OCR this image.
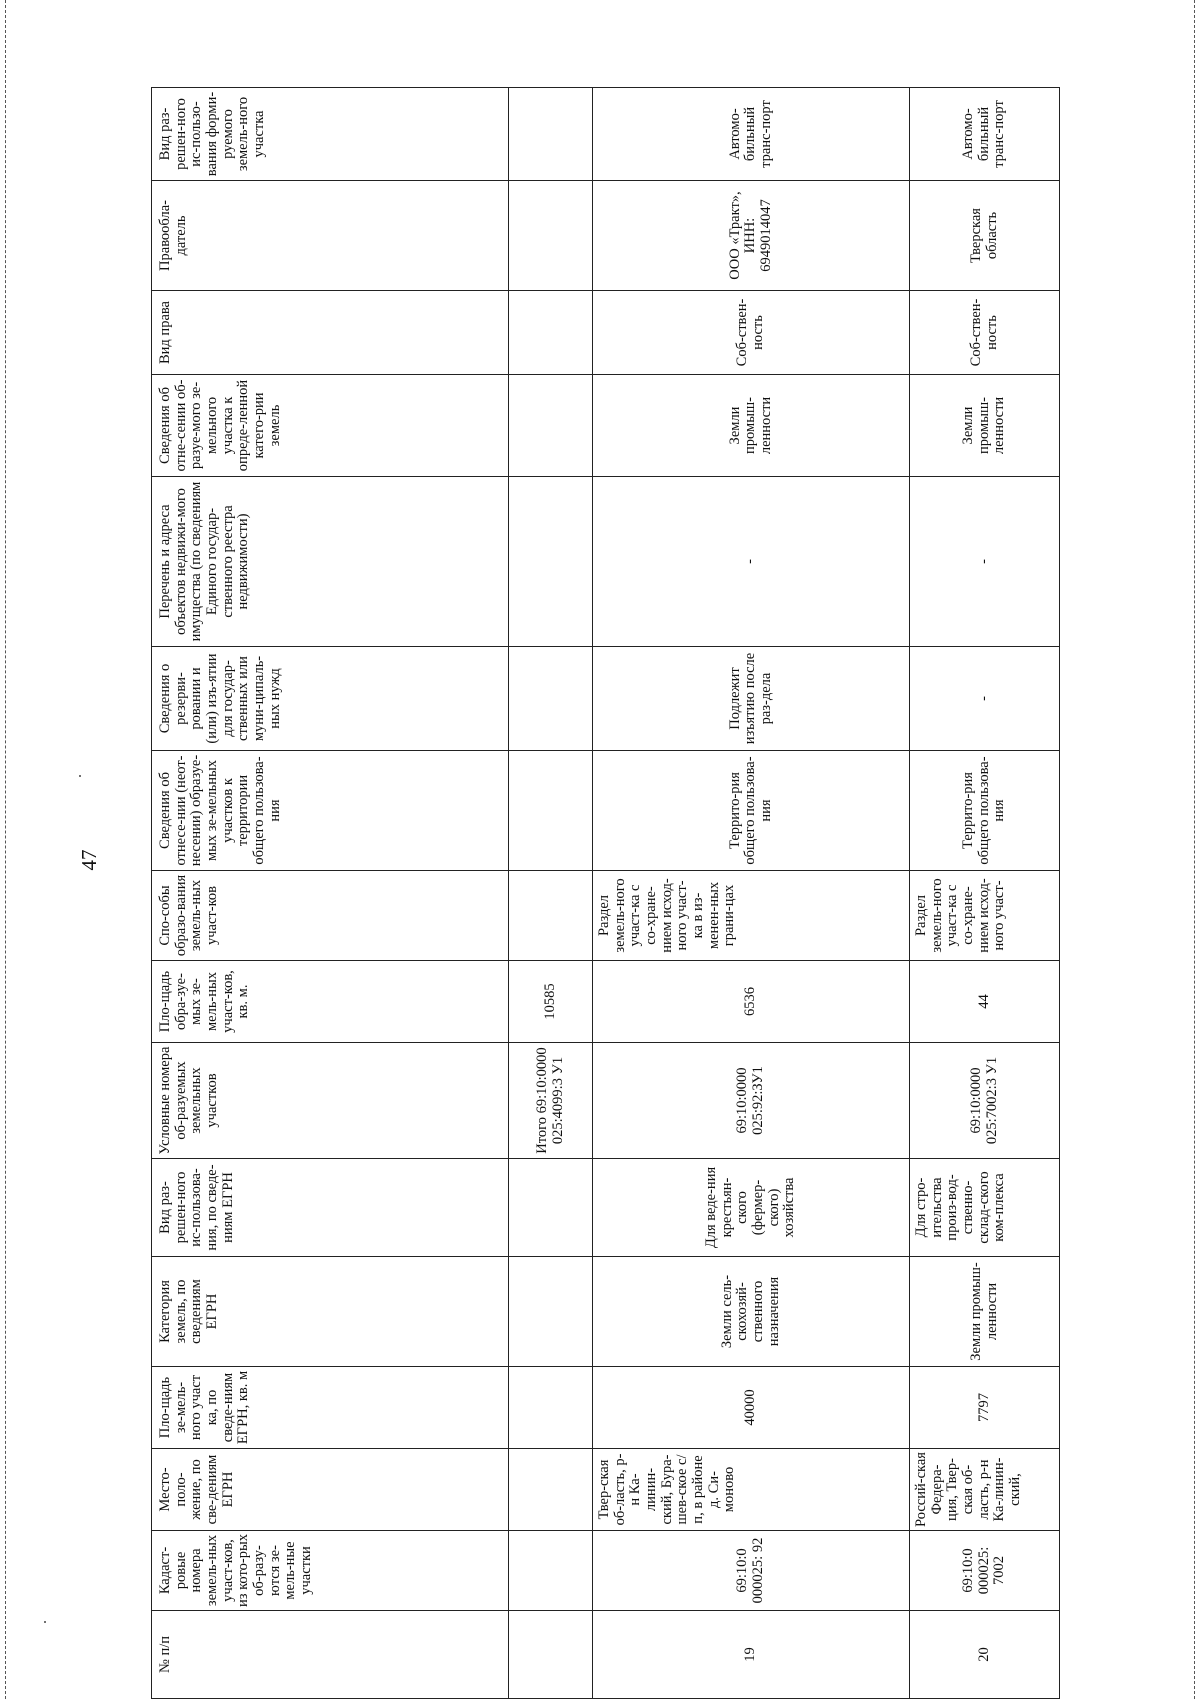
47
№ п/п	Кадаст-ровые номера земель-ных участ-ков, из кото-рых об-разу-ются зе-мель-ные участки	Место-поло-жение, по све-дениям ЕГРН	Пло-щадь зе-мель-ного участ ка, по сведе-ниям ЕГРН, кв. м	Категория земель, по сведениям ЕГРН	Вид раз-решен-ного ис-пользова-ния, по сведе-ниям ЕГРН	Условные номера об-разуемых земельных участков	Пло-щадь обра-зуе-мых зе-мель-ных участ-ков, кв. м.	Спо-собы образо-вания земель-ных участ-ков	Сведения об отнесе-нии (неот-несении) образуе-мых зе-мельных участков к территории общего пользова-ния	Сведения о резерви-ровании и (или) изъ-ятии для государ-ственных или муни-ципаль-ных нужд	Перечень и адреса объектов недвижи-мого имущества (по сведениям Единого государ-ственного реестра недвижимости)	Сведения об отне-сении об-разуе-мого зе-мельного участка к опреде-ленной катего-рии земель	Вид права	Правооблa-датель	Вид раз-решен-ного ис-пользо-вания форми-руемого земель-ного участка
						Итого 69:10:0000 025:4099:3 У1	10585								
19	69:10:0 000025: 92	Твер-ская об-ласть, р-н Ка-линин-ский, Бура-шев-ское с/п, в районе д. Си-моново	40000	Земли сель-скохозяй-ственного назначения	Для веде-ния крестьян-ского (фермер-ского) хозяйства	69:10:0000 025:92:ЗУ1	6536	Раздел земель-ного участ-ка с со-хране-нием исход-ного участ-ка в из-менен-ных грани-цах	Террито-рия общего пользова-ния	Подлежит изъятию после раз-дела	-	Земли промыш-ленности	Соб-ствен-ность	ООО «Тракт», ИНН: 6949014047	Автомо-бильный транс-порт
20	69:10:0 000025: 7002	Россий-ская Федера-ция, Твер-ская об-ласть, р-н Ка-линин-ский,	7797	Земли промыш-ленности	Для стро-ительства произ-вод-ственно-склад-ского ком-плекса	69:10:0000 025:7002:3 У1	44	Раздел земель-ного участ-ка с со-хране-нием исход-ного участ-	Террито-рия общего пользова-ния	-	-	Земли промыш-ленности	Соб-ствен-ность	Тверская область	Автомо-бильный транс-порт
